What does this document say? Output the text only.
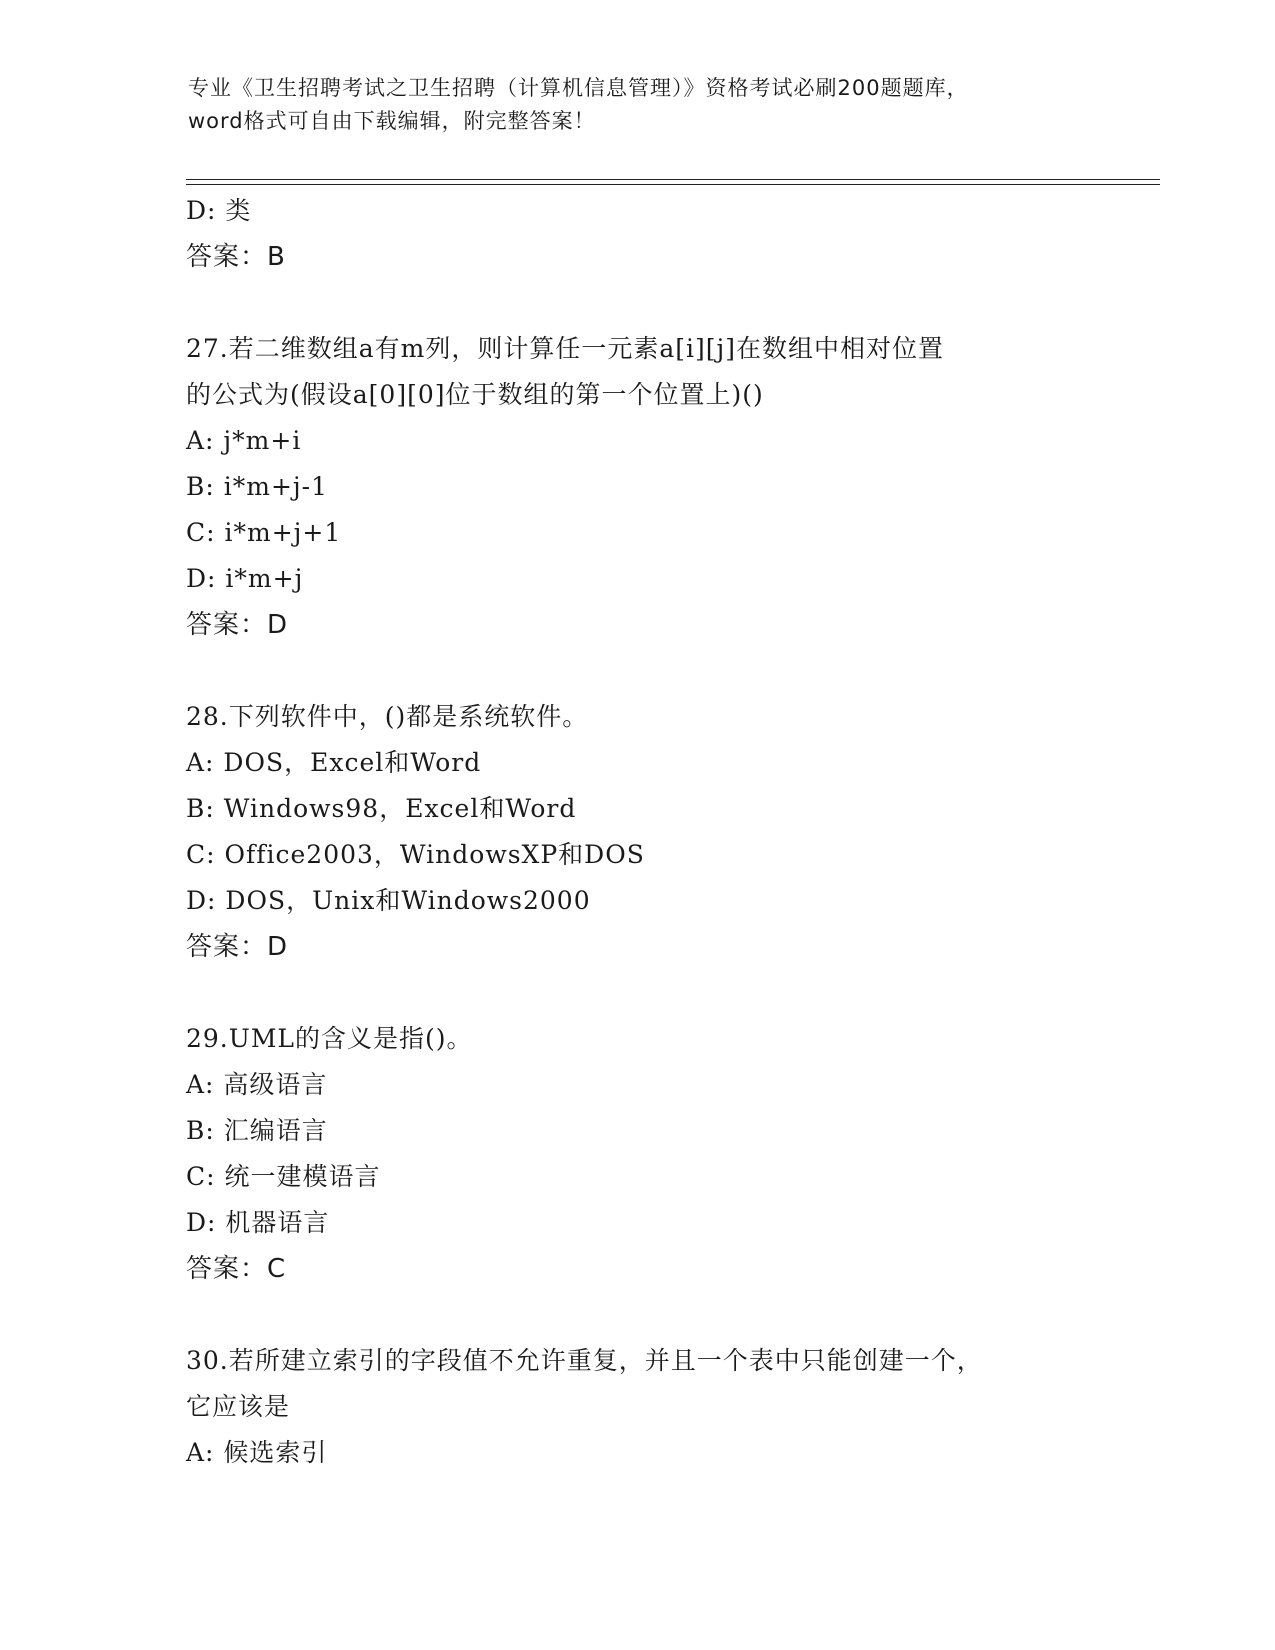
专业《卫生招聘考试之卫生招聘（计算机信息管理）》资格考试必刷200题题库，
word格式可自由下载编辑，附完整答案！
D: 类
答案：B
27.若二维数组a有m列，则计算任一元素a[i][j]在数组中相对位置
的公式为(假设a[0][0]位于数组的第一个位置上)()
A: j*m+i
B: i*m+j-1
C: i*m+j+1
D: i*m+j
答案：D
28.下列软件中，()都是系统软件。
A: DOS，Excel和Word
B: Windows98，Excel和Word
C: Office2003，WindowsXP和DOS
D: DOS，Unix和Windows2000
答案：D
29.UML的含义是指()。
A: 高级语言
B: 汇编语言
C: 统一建模语言
D: 机器语言
答案：C
30.若所建立索引的字段值不允许重复，并且一个表中只能创建一个，
它应该是
A: 候选索引
